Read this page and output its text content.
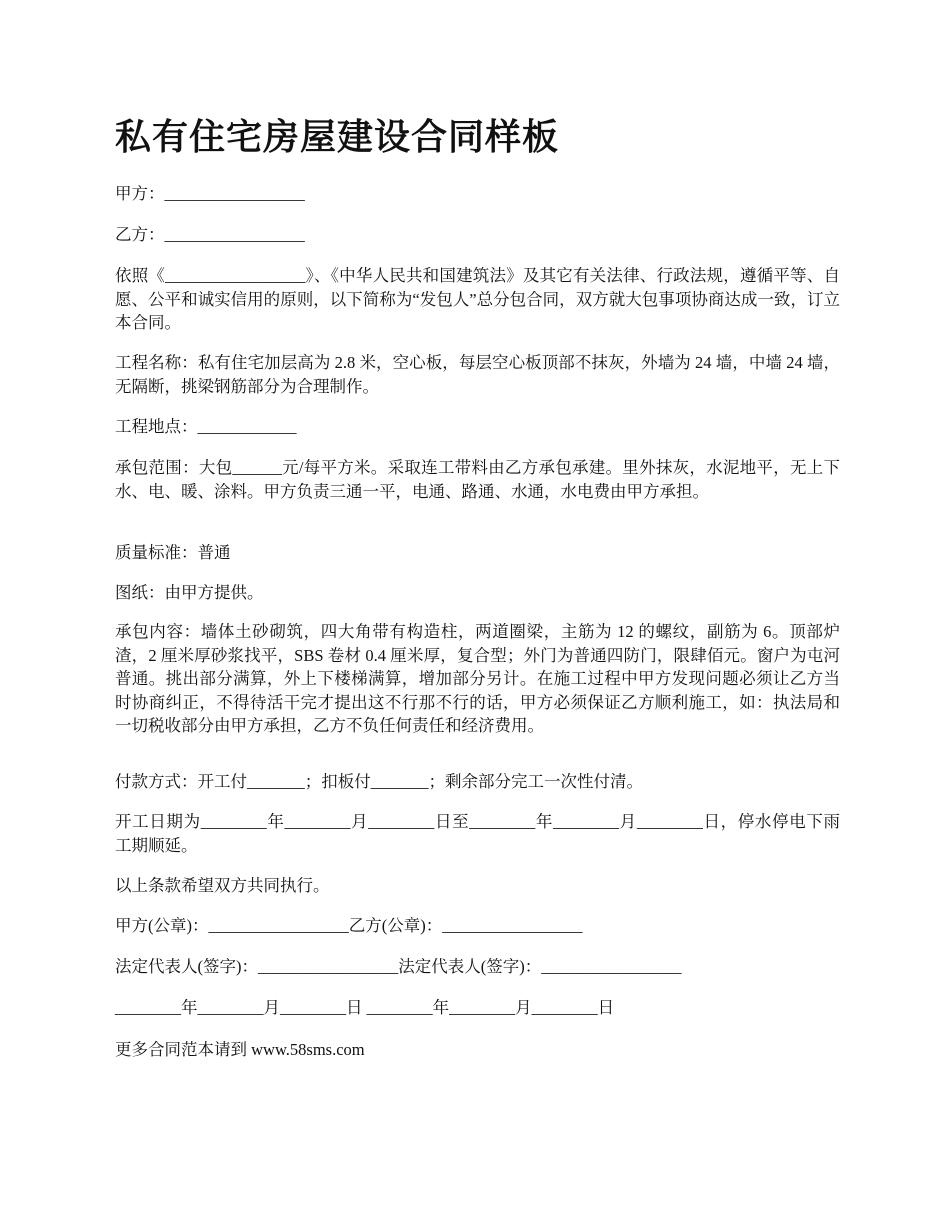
私有住宅房屋建设合同样板

甲方：_________________

乙方：_________________

依照《_________________》、《中华人民共和国建筑法》及其它有关法律、行政法规，遵循平等、自愿、公平和诚实信用的原则，以下简称为“发包人”总分包合同，双方就大包事项协商达成一致，订立本合同。

工程名称：私有住宅加层高为 2.8 米，空心板，每层空心板顶部不抹灰，外墙为 24 墙，中墙 24 墙，无隔断，挑梁钢筋部分为合理制作。

工程地点：____________

承包范围：大包______元/每平方米。采取连工带料由乙方承包承建。里外抹灰，水泥地平，无上下水、电、暖、涂料。甲方负责三通一平，电通、路通、水通，水电费由甲方承担。

质量标准：普通

图纸：由甲方提供。

承包内容：墙体土砂砌筑，四大角带有构造柱，两道圈梁，主筋为 12 的螺纹，副筋为 6。顶部炉渣，2 厘米厚砂浆找平，SBS 卷材 0.4 厘米厚，复合型；外门为普通四防门，限肆佰元。窗户为屯河普通。挑出部分满算，外上下楼梯满算，增加部分另计。在施工过程中甲方发现问题必须让乙方当时协商纠正，不得待活干完才提出这不行那不行的话，甲方必须保证乙方顺利施工，如：执法局和一切税收部分由甲方承担，乙方不负任何责任和经济费用。

付款方式：开工付_______；扣板付_______；剩余部分完工一次性付清。

开工日期为________年________月________日至________年________月________日，停水停电下雨工期顺延。

以上条款希望双方共同执行。

甲方(公章)：_________________乙方(公章)：_________________

法定代表人(签字)：_________________法定代表人(签字)：_________________

________年________月________日 ________年________月________日

更多合同范本请到 www.58sms.com
